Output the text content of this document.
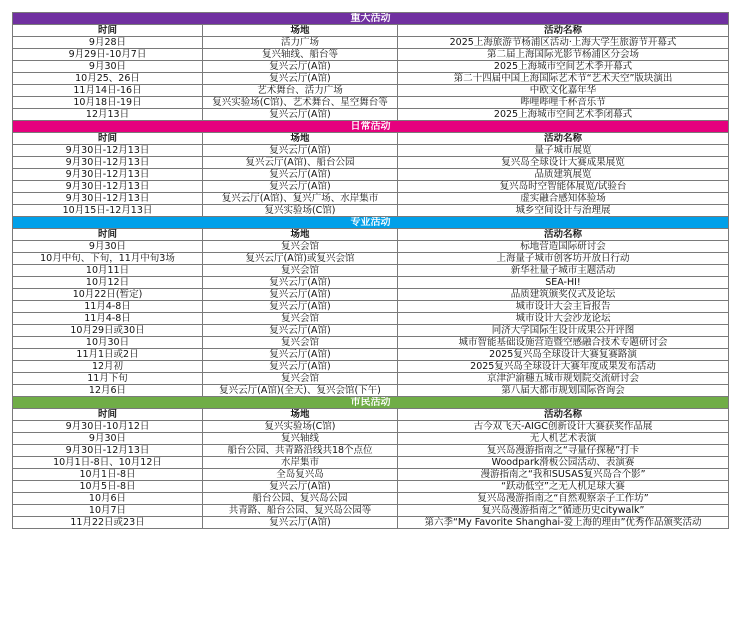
重大活动		
时间	场地	活动名称
9月28日	活力广场	2025上海旅游节杨浦区活动·上海大学生旅游节开幕式
9月29日-10月7日	复兴轴线、船台等	第二届上海国际光影节杨浦区分会场
9月30日	复兴云厅(A馆)	2025上海城市空间艺术季开幕式
10月25、26日	复兴云厅(A馆)	第二十四届中国上海国际艺术节“艺术天空”版块演出
11月14日-16日	艺术舞台、活力广场	中欧文化嘉年华
10月18日-19日	复兴实验场(C馆)、艺术舞台、星空舞台等	哔哩哔哩千杯音乐节
12月13日	复兴云厅(A馆)	2025上海城市空间艺术季闭幕式
日常活动		
时间	场地	活动名称
9月30日-12月13日	复兴云厅(A馆)	量子城市展览
9月30日-12月13日	复兴云厅(A馆)、船台公园	复兴岛全球设计大赛成果展览
9月30日-12月13日	复兴云厅(A馆)	品质建筑展览
9月30日-12月13日	复兴云厅(A馆)	复兴岛时空智能体展览/试验台
9月30日-12月13日	复兴云厅(A馆)、复兴广场、水岸集市	虚实融合感知体验场
10月15日-12月13日	复兴实验场(C馆)	城乡空间设计与治理展
专业活动		
时间	场地	活动名称
9月30日	复兴会馆	标地营造国际研讨会
10月中旬、下旬，11月中旬3场	复兴云厅(A馆)或复兴会馆	上海量子城市创客坊开放日行动
10月11日	复兴会馆	新华社量子城市主题活动
10月12日	复兴云厅(A馆)	SEA-HI!
10月22日(暂定)	复兴云厅(A馆)	品质建筑颁奖仪式及论坛
11月4-8日	复兴云厅(A馆)	城市设计大会主旨报告
11月4-8日	复兴会馆	城市设计大会沙龙论坛
10月29日或30日	复兴云厅(A馆)	同济大学国际生设计成果公开评图
10月30日	复兴会馆	城市智能基础设施营造暨空感融合技术专题研讨会
11月1日或2日	复兴云厅(A馆)	2025复兴岛全球设计大赛复赛路演
12月初	复兴云厅(A馆)	2025复兴岛全球设计大赛年度成果发布活动
11月下旬	复兴会馆	京津沪渝穗五城市规划院交流研讨会
12月6日	复兴云厅(A馆)(全天)、复兴会馆(下午)	第八届大都市规划国际咨询会
市民活动		
时间	场地	活动名称
9月30日-10月12日	复兴实验场(C馆)	古今双飞天-AIGC创新设计大赛获奖作品展
9月30日	复兴轴线	无人机艺术表演
9月30日-12月13日	船台公园、共青路沿线共18个点位	复兴岛漫游指南之“寻量仔探秘”打卡
10月1日-8日、10月12日	水岸集市	Woodpark滑板公园活动、表演赛
10月1日-8日	全岛复兴岛	漫游指南之“我和SUSAS复兴岛合个影”
10月5日-8日	复兴云厅(A馆)	“跃动低空”之无人机足球大赛
10月6日	船台公园、复兴岛公园	复兴岛漫游指南之“自然观察亲子工作坊”
10月7日	共青路、船台公园、复兴岛公园等	复兴岛漫游指南之“循迹历史citywalk”
11月22日或23日	复兴云厅(A馆)	第六季“My Favorite Shanghai-爱上海的理由”优秀作品颁奖活动
